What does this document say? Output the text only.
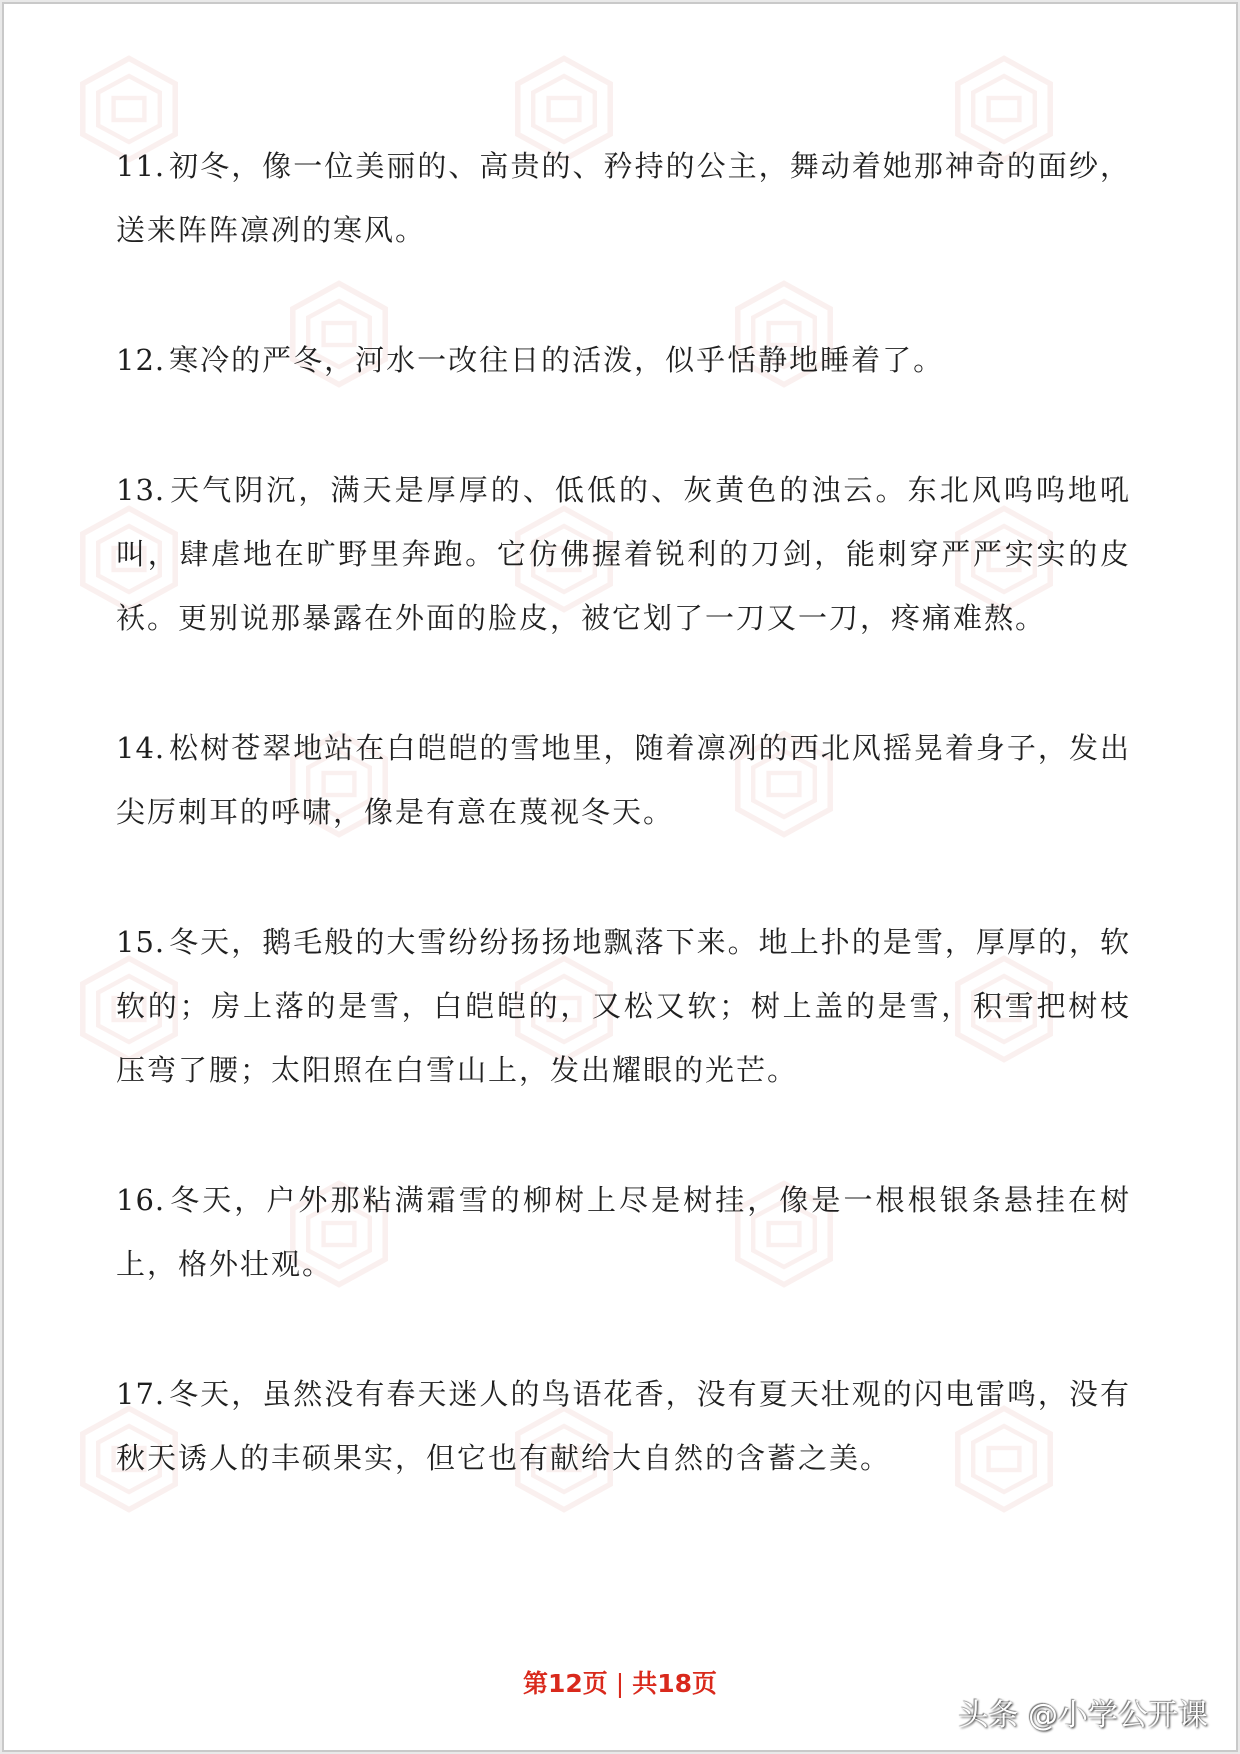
11. 初冬，像一位美丽的、高贵的、矜持的公主，舞动着她那神奇的面纱，送来阵阵凛冽的寒风。

12. 寒冷的严冬，河水一改往日的活泼，似乎恬静地睡着了。

13. 天气阴沉，满天是厚厚的、低低的、灰黄色的浊云。东北风呜呜地吼叫，肆虐地在旷野里奔跑。它仿佛握着锐利的刀剑，能刺穿严严实实的皮袄。更别说那暴露在外面的脸皮，被它划了一刀又一刀，疼痛难熬。

14. 松树苍翠地站在白皑皑的雪地里，随着凛冽的西北风摇晃着身子，发出尖厉刺耳的呼啸，像是有意在蔑视冬天。

15. 冬天，鹅毛般的大雪纷纷扬扬地飘落下来。地上扑的是雪，厚厚的，软软的；房上落的是雪，白皑皑的，又松又软；树上盖的是雪，积雪把树枝压弯了腰；太阳照在白雪山上，发出耀眼的光芒。

16. 冬天，户外那粘满霜雪的柳树上尽是树挂，像是一根根银条悬挂在树上，格外壮观。

17. 冬天，虽然没有春天迷人的鸟语花香，没有夏天壮观的闪电雷鸣，没有秋天诱人的丰硕果实，但它也有献给大自然的含蓄之美。

第12页 | 共18页
头条 @小学公开课
